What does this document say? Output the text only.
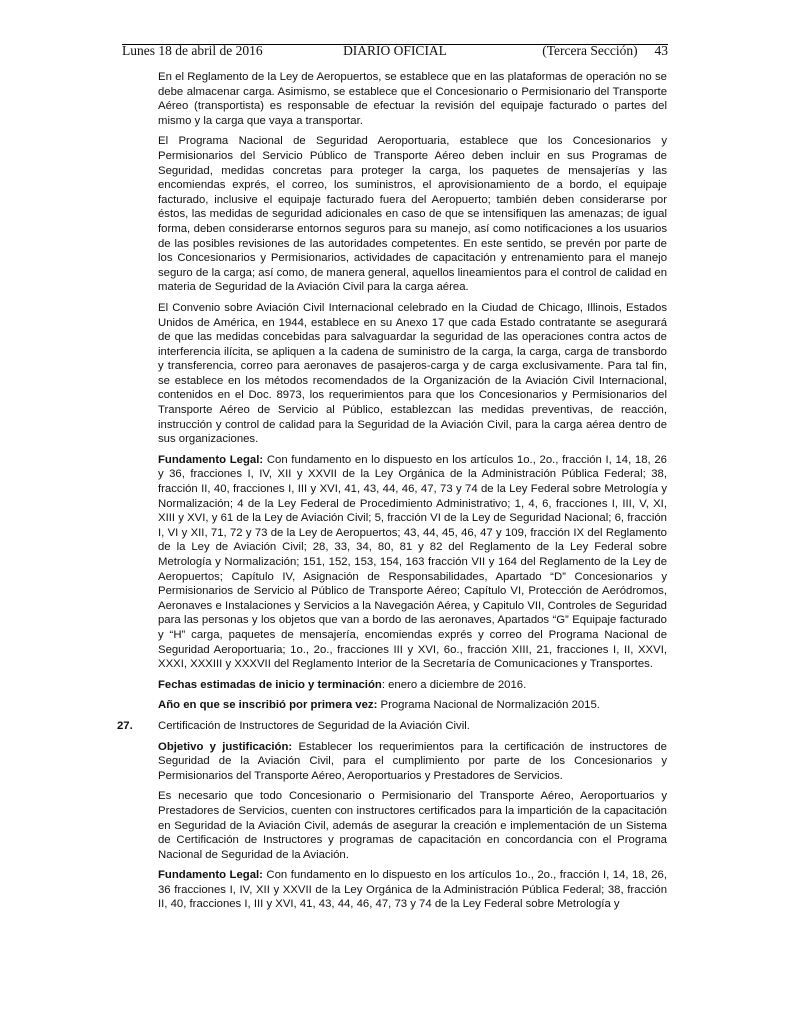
DIARIO OFICIAL
Lunes 18 de abril de 2016	(Tercera Sección) 43

En el Reglamento de la Ley de Aeropuertos, se establece que en las plataformas de operación no se debe almacenar carga. Asimismo, se establece que el Concesionario o Permisionario del Transporte Aéreo (transportista) es responsable de efectuar la revisión del equipaje facturado o partes del mismo y la carga que vaya a transportar.

El Programa Nacional de Seguridad Aeroportuaria, establece que los Concesionarios y Permisionarios del Servicio Público de Transporte Aéreo deben incluir en sus Programas de Seguridad, medidas concretas para proteger la carga, los paquetes de mensajerías y las encomiendas exprés, el correo, los suministros, el aprovisionamiento de a bordo, el equipaje facturado, inclusive el equipaje facturado fuera del Aeropuerto; también deben considerarse por éstos, las medidas de seguridad adicionales en caso de que se intensifiquen las amenazas; de igual forma, deben considerarse entornos seguros para su manejo, así como notificaciones a los usuarios de las posibles revisiones de las autoridades competentes. En este sentido, se prevén por parte de los Concesionarios y Permisionarios, actividades de capacitación y entrenamiento para el manejo seguro de la carga; así como, de manera general, aquellos lineamientos para el control de calidad en materia de Seguridad de la Aviación Civil para la carga aérea.

El Convenio sobre Aviación Civil Internacional celebrado en la Ciudad de Chicago, Illinois, Estados Unidos de América, en 1944, establece en su Anexo 17 que cada Estado contratante se asegurará de que las medidas concebidas para salvaguardar la seguridad de las operaciones contra actos de interferencia ilícita, se apliquen a la cadena de suministro de la carga, la carga, carga de transbordo y transferencia, correo para aeronaves de pasajeros-carga y de carga exclusivamente. Para tal fin, se establece en los métodos recomendados de la Organización de la Aviación Civil Internacional, contenidos en el Doc. 8973, los requerimientos para que los Concesionarios y Permisionarios del Transporte Aéreo de Servicio al Público, establezcan las medidas preventivas, de reacción, instrucción y control de calidad para la Seguridad de la Aviación Civil, para la carga aérea dentro de sus organizaciones.

Fundamento Legal: Con fundamento en lo dispuesto en los artículos 1o., 2o., fracción I, 14, 18, 26 y 36, fracciones I, IV, XII y XXVII de la Ley Orgánica de la Administración Pública Federal; 38, fracción II, 40, fracciones I, III y XVI, 41, 43, 44, 46, 47, 73 y 74 de la Ley Federal sobre Metrología y Normalización; 4 de la Ley Federal de Procedimiento Administrativo; 1, 4, 6, fracciones I, III, V, XI, XIII y XVI, y 61 de la Ley de Aviación Civil; 5, fracción VI de la Ley de Seguridad Nacional; 6, fracción I, VI y XII, 71, 72 y 73 de la Ley de Aeropuertos; 43, 44, 45, 46, 47 y 109, fracción IX del Reglamento de la Ley de Aviación Civil; 28, 33, 34, 80, 81 y 82 del Reglamento de la Ley Federal sobre Metrología y Normalización; 151, 152, 153, 154, 163 fracción VII y 164 del Reglamento de la Ley de Aeropuertos; Capítulo IV, Asignación de Responsabilidades, Apartado “D” Concesionarios y Permisionarios de Servicio al Público de Transporte Aéreo; Capítulo VI, Protección de Aeródromos, Aeronaves e Instalaciones y Servicios a la Navegación Aérea, y Capitulo VII, Controles de Seguridad para las personas y los objetos que van a bordo de las aeronaves, Apartados “G” Equipaje facturado y “H” carga, paquetes de mensajería, encomiendas exprés y correo del Programa Nacional de Seguridad Aeroportuaria; 1o., 2o., fracciones III y XVI, 6o., fracción XIII, 21, fracciones I, II, XXVI, XXXI, XXXIII y XXXVII del Reglamento Interior de la Secretaría de Comunicaciones y Transportes.

Fechas estimadas de inicio y terminación: enero a diciembre de 2016.

Año en que se inscribió por primera vez: Programa Nacional de Normalización 2015.

27. Certificación de Instructores de Seguridad de la Aviación Civil.

Objetivo y justificación: Establecer los requerimientos para la certificación de instructores de Seguridad de la Aviación Civil, para el cumplimiento por parte de los Concesionarios y Permisionarios del Transporte Aéreo, Aeroportuarios y Prestadores de Servicios.

Es necesario que todo Concesionario o Permisionario del Transporte Aéreo, Aeroportuarios y Prestadores de Servicios, cuenten con instructores certificados para la impartición de la capacitación en Seguridad de la Aviación Civil, además de asegurar la creación e implementación de un Sistema de Certificación de Instructores y programas de capacitación en concordancia con el Programa Nacional de Seguridad de la Aviación.

Fundamento Legal: Con fundamento en lo dispuesto en los artículos 1o., 2o., fracción I, 14, 18, 26, 36 fracciones I, IV, XII y XXVII de la Ley Orgánica de la Administración Pública Federal; 38, fracción II, 40, fracciones I, III y XVI, 41, 43, 44, 46, 47, 73 y 74 de la Ley Federal sobre Metrología y
